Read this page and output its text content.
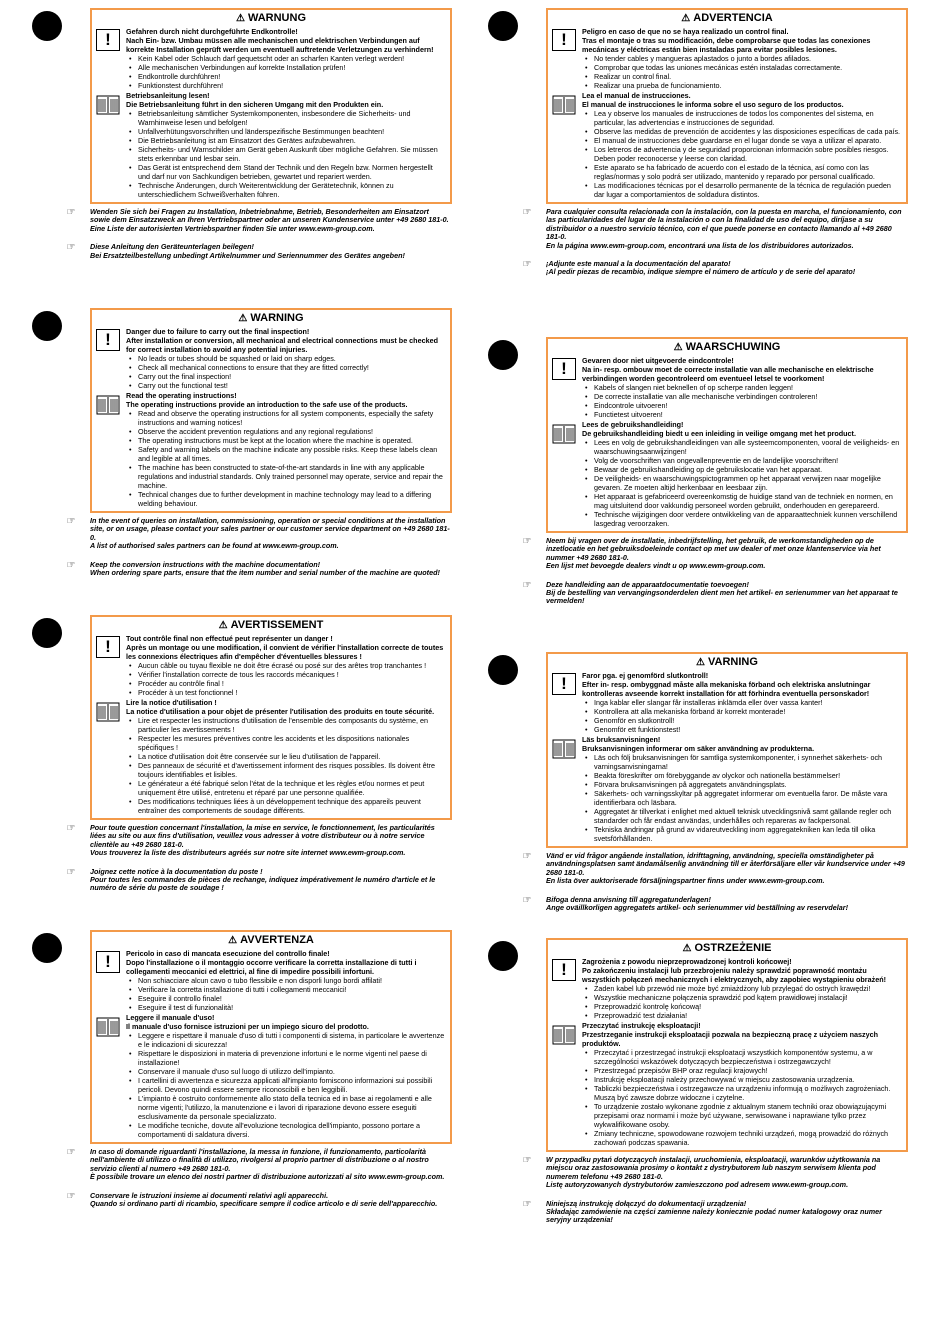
⚠ WARNUNG
!	Gefahren durch nicht durchgeführte Endkontrolle!
Nach Ein- bzw. Umbau müssen alle mechanischen und elektrischen Verbindungen auf korrekte Installation geprüft werden um eventuell auftretende Verletzungen zu verhindern!
• Kein Kabel oder Schlauch darf gequetscht oder an scharfen Kanten verlegt werden!
• Alle mechanischen Verbindungen auf korrekte Installation prüfen!
• Endkontrolle durchführen!
• Funktionstest durchführen!
Betriebsanleitung lesen!
Die Betriebsanleitung führt in den sicheren Umgang mit den Produkten ein.
• Betriebsanleitung sämtlicher Systemkomponenten, insbesondere die Sicherheits- und Warnhinweise lesen und befolgen!
• Unfallverhütungsvorschriften und länderspezifische Bestimmungen beachten!
• Die Betriebsanleitung ist am Einsatzort des Gerätes aufzubewahren.
• Sicherheits- und Warnschilder am Gerät geben Auskunft über mögliche Gefahren. Sie müssen stets erkennbar und lesbar sein.
• Das Gerät ist entsprechend dem Stand der Technik und den Regeln bzw. Normen hergestellt und darf nur von Sachkundigen betrieben, gewartet und repariert werden.
• Technische Änderungen, durch Weiterentwicklung der Gerätetechnik, können zu unterschiedlichem Schweißverhalten führen.
☞	Wenden Sie sich bei Fragen zu Installation, Inbetriebnahme, Betrieb, Besonderheiten am Einsatzort sowie dem Einsatzzweck an Ihren Vertriebspartner oder an unseren Kundenservice unter +49 2680 181-0.

Eine Liste der autorisierten Vertriebspartner finden Sie unter www.ewm-group.com.

☞	Diese Anleitung den Geräteunterlagen beilegen!

Bei Ersatzteilbestellung unbedingt Artikelnummer und Seriennummer des Gerätes angeben!

⚠ WARNING
!	Danger due to failure to carry out the final inspection!
After installation or conversion, all mechanical and electrical connections must be checked for correct installation to avoid any potential injuries.
• No leads or tubes should be squashed or laid on sharp edges.
• Check all mechanical connections to ensure that they are fitted correctly!
• Carry out the final inspection!
• Carry out the functional test!
Read the operating instructions!
The operating instructions provide an introduction to the safe use of the products.
• Read and observe the operating instructions for all system components, especially the safety instructions and warning notices!
• Observe the accident prevention regulations and any regional regulations!
• The operating instructions must be kept at the location where the machine is operated.
• Safety and warning labels on the machine indicate any possible risks. Keep these labels clean and legible at all times.
• The machine has been constructed to state-of-the-art standards in line with any applicable regulations and industrial standards. Only trained personnel may operate, service and repair the machine.
• Technical changes due to further development in machine technology may lead to a differing welding behaviour.
☞	In the event of queries on installation, commissioning, operation or special conditions at the installation site, or on usage, please contact your sales partner or our customer service department on +49 2680 181-0.

A list of authorised sales partners can be found at www.ewm-group.com.

☞	Keep the conversion instructions with the machine documentation!

When ordering spare parts, ensure that the item number and serial number of the machine are quoted!

⚠ AVERTISSEMENT
!	Tout contrôle final non effectué peut représenter un danger !
Après un montage ou une modification, il convient de vérifier l'installation correcte de toutes les connexions électriques afin d'empêcher d'éventuelles blessures !
• Aucun câble ou tuyau flexible ne doit être écrasé ou posé sur des arêtes trop tranchantes !
• Vérifier l'installation correcte de tous les raccords mécaniques !
• Procéder au contrôle final !
• Procéder à un test fonctionnel !
Lire la notice d'utilisation !
La notice d'utilisation a pour objet de présenter l'utilisation des produits en toute sécurité.
• Lire et respecter les instructions d'utilisation de l'ensemble des composants du système, en particulier les avertissements !
• Respecter les mesures préventives contre les accidents et les dispositions nationales spécifiques !
• La notice d'utilisation doit être conservée sur le lieu d'utilisation de l'appareil.
• Des panneaux de sécurité et d'avertissement informent des risques possibles. Ils doivent être toujours identifiables et lisibles.
• Le générateur a été fabriqué selon l'état de la technique et les règles et/ou normes et peut uniquement être utilisé, entretenu et réparé par une personne qualifiée.
• Des modifications techniques liées à un développement technique des appareils peuvent entraîner des comportements de soudage différents.
☞	Pour toute question concernant l'installation, la mise en service, le fonctionnement, les particularités liées au site ou aux fins d'utilisation, veuillez vous adresser à votre distributeur ou à notre service clientèle au +49 2680 181-0.

Vous trouverez la liste des distributeurs agréés sur notre site internet www.ewm-group.com.

☞	Joignez cette notice à la documentation du poste !

Pour toutes les commandes de pièces de rechange, indiquez impérativement le numéro d'article et le numéro de série du poste de soudage !

⚠ AVVERTENZA
!	Pericolo in caso di mancata esecuzione del controllo finale!
Dopo l'installazione o il montaggio occorre verificare la corretta installazione di tutti i collegamenti meccanici ed elettrici, al fine di impedire possibili infortuni.
• Non schiacciare alcun cavo o tubo flessibile e non disporli lungo bordi affilati!
• Verificare la corretta installazione di tutti i collegamenti meccanici!
• Eseguire il controllo finale!
• Eseguire il test di funzionalità!
Leggere il manuale d'uso!
Il manuale d'uso fornisce istruzioni per un impiego sicuro del prodotto.
• Leggere e rispettare il manuale d'uso di tutti i componenti di sistema, in particolare le avvertenze e le indicazioni di sicurezza!
• Rispettare le disposizioni in materia di prevenzione infortuni e le norme vigenti nel paese di installazione!
• Conservare il manuale d'uso sul luogo di utilizzo dell'impianto.
• I cartellini di avvertenza e sicurezza applicati all'impianto forniscono informazioni sui possibili pericoli. Devono quindi essere sempre riconoscibili e ben leggibili.
• L'impianto è costruito conformemente allo stato della tecnica ed in base ai regolamenti e alle norme vigenti; l'utilizzo, la manutenzione e i lavori di riparazione devono essere eseguiti esclusivamente da personale specializzato.
• Le modifiche tecniche, dovute all'evoluzione tecnologica dell'impianto, possono portare a comportamenti di saldatura diversi.
☞	In caso di domande riguardanti l'installazione, la messa in funzione, il funzionamento, particolarità nell'ambiente di utilizzo o finalità di utilizzo, rivolgersi al proprio partner di distribuzione o al nostro servizio clienti al numero +49 2680 181-0.

È possibile trovare un elenco dei nostri partner di distribuzione autorizzati al sito www.ewm-group.com.

☞	Conservare le istruzioni insieme ai documenti relativi agli apparecchi.

Quando si ordinano parti di ricambio, specificare sempre il codice articolo e di serie dell'apparecchio.

⚠ ADVERTENCIA
!	Peligro en caso de que no se haya realizado un control final.
Tras el montaje o tras su modificación, debe comprobarse que todas las conexiones mecánicas y eléctricas están bien instaladas para evitar posibles lesiones.
• No tender cables y mangueras aplastados o junto a bordes afilados.
• Comprobar que todas las uniones mecánicas estén instaladas correctamente.
• Realizar un control final.
• Realizar una prueba de funcionamiento.
Lea el manual de instrucciones.
El manual de instrucciones le informa sobre el uso seguro de los productos.
• Lea y observe los manuales de instrucciones de todos los componentes del sistema, en particular, las advertencias e instrucciones de seguridad.
• Observe las medidas de prevención de accidentes y las disposiciones específicas de cada país.
• El manual de instrucciones debe guardarse en el lugar donde se vaya a utilizar el aparato.
• Los letreros de advertencia y de seguridad proporcionan información sobre posibles riesgos. Deben poder reconocerse y leerse con claridad.
• Este aparato se ha fabricado de acuerdo con el estado de la técnica, así como con las reglas/normas y solo podrá ser utilizado, mantenido y reparado por personal cualificado.
• Las modificaciones técnicas por el desarrollo permanente de la técnica de regulación pueden dar lugar a comportamientos de soldadura distintos.
☞	Para cualquier consulta relacionada con la instalación, con la puesta en marcha, el funcionamiento, con las particularidades del lugar de la instalación o con la finalidad de uso del equipo, diríjase a su distribuidor o a nuestro servicio técnico, con el que puede ponerse en contacto llamando al +49 2680 181-0.

En la página www.ewm-group.com, encontrará una lista de los distribuidores autorizados.

☞	¡Adjunte este manual a la documentación del aparato!

¡Al pedir piezas de recambio, indique siempre el número de artículo y de serie del aparato!

⚠ WAARSCHUWING
!	Gevaren door niet uitgevoerde eindcontrole!
Na in- resp. ombouw moet de correcte installatie van alle mechanische en elektrische verbindingen worden gecontroleerd om eventueel letsel te voorkomen!
• Kabels of slangen niet beknellen of op scherpe randen leggen!
• De correcte installatie van alle mechanische verbindingen controleren!
• Eindcontrole uitvoeren!
• Functietest uitvoeren!
Lees de gebruikshandleiding!
De gebruikshandleiding biedt u een inleiding in veilige omgang met het product.
• Lees en volg de gebruikshandleidingen van alle systeemcomponenten, vooral de veiligheids- en waarschuwingsaanwijzingen!
• Volg de voorschriften van ongevallenpreventie en de landelijke voorschriften!
• Bewaar de gebruikshandleiding op de gebruikslocatie van het apparaat.
• De veiligheids- en waarschuwingspictogrammen op het apparaat verwijzen naar mogelijke gevaren. Ze moeten altijd herkenbaar en leesbaar zijn.
• Het apparaat is gefabriceerd overeenkomstig de huidige stand van de techniek en normen, en mag uitsluitend door vakkundig personeel worden gebruikt, onderhouden en gerepareerd.
• Technische wijzigingen door verdere ontwikkeling van de apparaattechniek kunnen verschillend lasgedrag veroorzaken.
☞	Neem bij vragen over de installatie, inbedrijfstelling, het gebruik, de werkomstandigheden op de inzetlocatie en het gebruiksdoeleinde contact op met uw dealer of met onze klantenservice via het nummer +49 2680 181-0.

Een lijst met bevoegde dealers vindt u op www.ewm-group.com.

☞	Deze handleiding aan de apparaatdocumentatie toevoegen!

Bij de bestelling van vervangingsonderdelen dient men het artikel- en serienummer van het apparaat te vermelden!

⚠ VARNING
!	Faror pga. ej genomförd slutkontroll!
Efter in- resp. ombyggnad måste alla mekaniska förband och elektriska anslutningar kontrolleras avseende korrekt installation för att förhindra eventuella personskador!
• Inga kablar eller slangar får installeras inklämda eller över vassa kanter!
• Kontrollera att alla mekaniska förband är korrekt monterade!
• Genomför en slutkontroll!
• Genomför ett funktionstest!
Läs bruksanvisningen!
Bruksanvisningen informerar om säker användning av produkterna.
• Läs och följ bruksanvisningen för samtliga systemkomponenter, i synnerhet säkerhets- och varningsanvisningarna!
• Beakta föreskrifter om förebyggande av olyckor och nationella bestämmelser!
• Förvara bruksanvisningen på aggregatets användningsplats.
• Säkerhets- och varningsskyltar på aggregatet informerar om eventuella faror. De måste vara identifierbara och läsbara.
• Aggregatet är tillverkat i enlighet med aktuell teknisk utvecklingsnivå samt gällande regler och standarder och får endast användas, underhålles och repareras av fackpersonal.
• Tekniska ändringar på grund av vidareutveckling inom aggregatekniken kan leda till olika svetsförhållanden.
☞	Vänd er vid frågor angående installation, idrifttagning, användning, speciella omständigheter på användningsplatsen samt ändamålsenlig användning till er återförsäljare eller vår kundservice under +49 2680 181-0.

En lista över auktoriserade försäljningspartner finns under www.ewm-group.com.

☞	Bifoga denna anvisning till aggregatunderlagen!

Ange oväillkorligen aggregatets artikel- och serienummer vid beställning av reservdelar!

⚠ OSTRZEŻENIE
!	Zagrożenia z powodu nieprzeprowadzonej kontroli końcowej!
Po zakończeniu instalacji lub przezbrojeniu należy sprawdzić poprawność montażu wszystkich połączeń mechanicznych i elektrycznych, aby zapobiec wystąpieniu obrażeń!
• Żaden kabel lub przewód nie może być zmiażdżony lub przylegać do ostrych krawędzi!
• Wszystkie mechaniczne połączenia sprawdzić pod kątem prawidłowej instalacji!
• Przeprowadzić kontrolę końcową!
• Przeprowadzić test działania!
Przeczytać instrukcję eksploatacji!
Przestrzeganie instrukcji eksploatacji pozwala na bezpieczną pracę z użyciem naszych produktów.
• Przeczytać i przestrzegać instrukcji eksploatacji wszystkich komponentów systemu, a w szczególności wskazówek dotyczących bezpieczeństwa i ostrzegawczych!
• Przestrzegać przepisów BHP oraz regulacji krajowych!
• Instrukcję eksploatacji należy przechowywać w miejscu zastosowania urządzenia.
• Tabliczki bezpieczeństwa i ostrzegawcze na urządzeniu informują o możliwych zagrożeniach. Muszą być zawsze dobrze widoczne i czytelne.
• To urządzenie zostało wykonane zgodnie z aktualnym stanem techniki oraz obowiązującymi przepisami oraz normami i może być używane, serwisowane i naprawiane tylko przez wykwalifikowane osoby.
• Zmiany techniczne, spowodowane rozwojem techniki urządzeń, mogą prowadzić do różnych zachowań podczas spawania.
☞	W przypadku pytań dotyczących instalacji, uruchomienia, eksploatacji, warunków użytkowania na miejscu oraz zastosowania prosimy o kontakt z dystrybutorem lub naszym serwisem klienta pod numerem telefonu +49 2680 181-0.

Listę autoryzowanych dystrybutorów zamieszczono pod adresem www.ewm-group.com.

☞	Niniejszą instrukcję dołączyć do dokumentacji urządzenia!

Składając zamówienie na części zamienne należy koniecznie podać numer katalogowy oraz numer seryjny urządzenia!
